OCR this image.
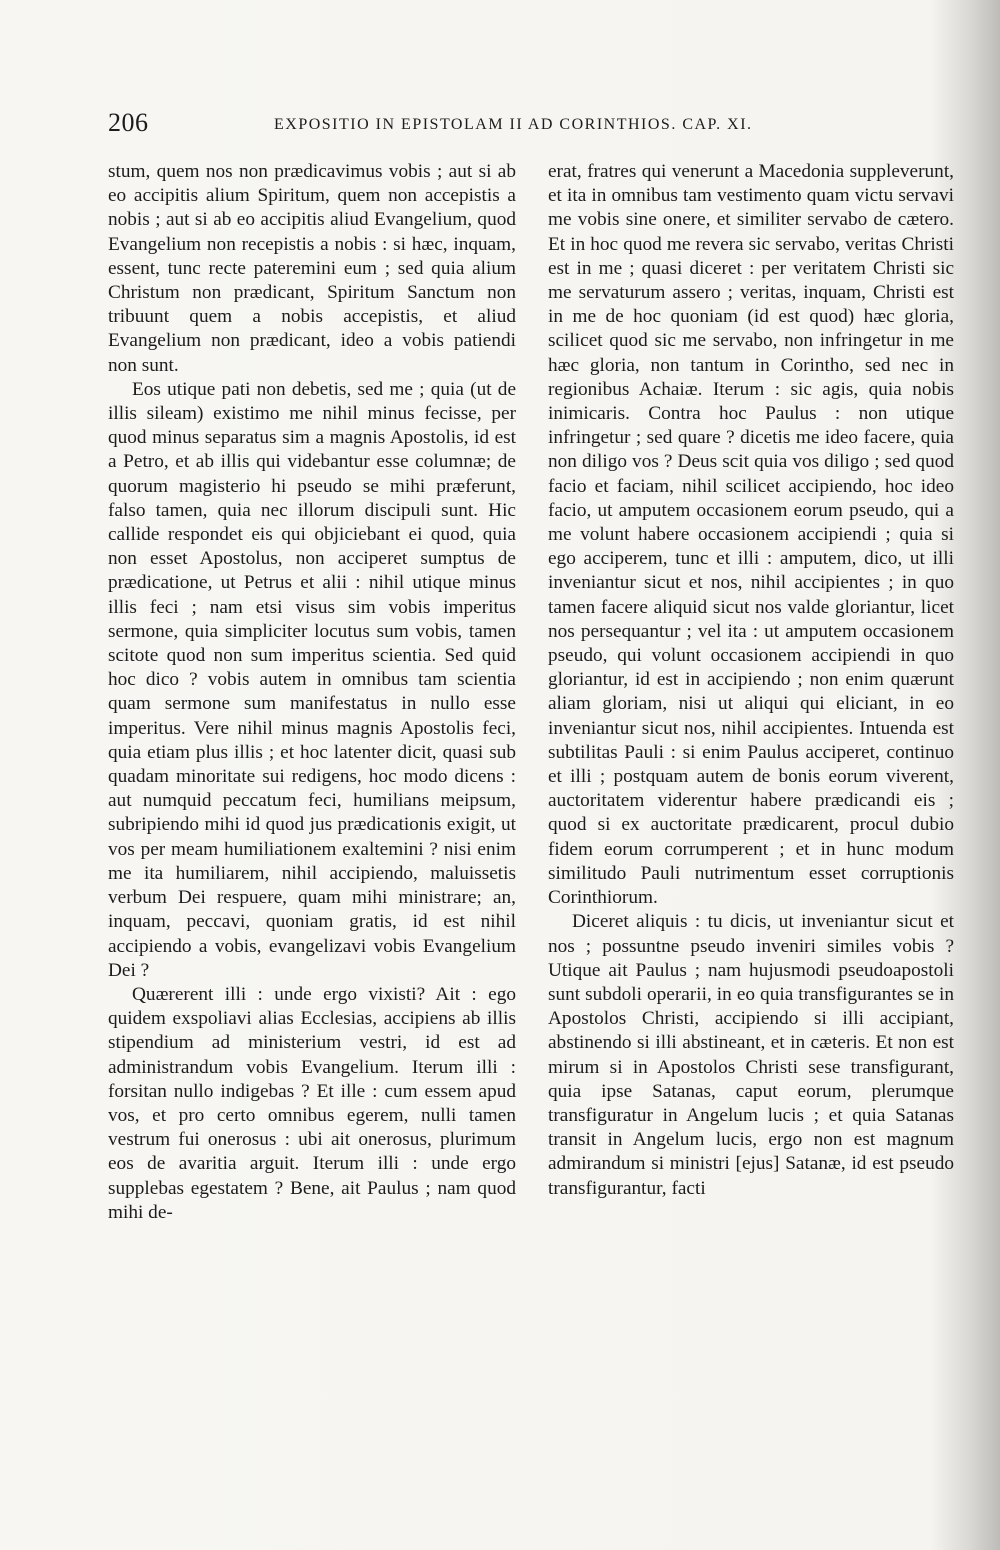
206	EXPOSITIO IN EPISTOLAM II AD CORINTHIOS. CAP. XI.

stum, quem nos non prædicavimus vobis ; aut si ab eo accipitis alium Spiritum, quem non accepistis a nobis ; aut si ab eo accipitis aliud Evangelium, quod Evangelium non recepistis a nobis : si hæc, inquam, essent, tunc recte pateremini eum ; sed quia alium Christum non prædicant, Spiritum Sanctum non tribuunt quem a nobis accepistis, et aliud Evangelium non prædicant, ideo a vobis patiendi non sunt.

Eos utique pati non debetis, sed me ; quia (ut de illis sileam) existimo me nihil minus fecisse, per quod minus separatus sim a magnis Apostolis, id est a Petro, et ab illis qui videbantur esse columnæ; de quorum magisterio hi pseudo se mihi præferunt, falso tamen, quia nec illorum discipuli sunt. Hic callide respondet eis qui objiciebant ei quod, quia non esset Apostolus, non acciperet sumptus de prædicatione, ut Petrus et alii : nihil utique minus illis feci ; nam etsi visus sim vobis imperitus sermone, quia simpliciter locutus sum vobis, tamen scitote quod non sum imperitus scientia. Sed quid hoc dico ? vobis autem in omnibus tam scientia quam sermone sum manifestatus in nullo esse imperitus. Vere nihil minus magnis Apostolis feci, quia etiam plus illis ; et hoc latenter dicit, quasi sub quadam minoritate sui redigens, hoc modo dicens : aut numquid peccatum feci, humilians meipsum, subripiendo mihi id quod jus prædicationis exigit, ut vos per meam humiliationem exaltemini ? nisi enim me ita humiliarem, nihil accipiendo, maluissetis verbum Dei respuere, quam mihi ministrare; an, inquam, peccavi, quoniam gratis, id est nihil accipiendo a vobis, evangelizavi vobis Evangelium Dei ?

Quærerent illi : unde ergo vixisti? Ait : ego quidem exspoliavi alias Ecclesias, accipiens ab illis stipendium ad ministerium vestri, id est ad administrandum vobis Evangelium. Iterum illi : forsitan nullo indigebas ? Et ille : cum essem apud vos, et pro certo omnibus egerem, nulli tamen vestrum fui onerosus : ubi ait onerosus, plurimum eos de avaritia arguit. Iterum illi : unde ergo supplebas egestatem ? Bene, ait Paulus ; nam quod mihi de-

erat, fratres qui venerunt a Macedonia suppleverunt, et ita in omnibus tam vestimento quam victu servavi me vobis sine onere, et similiter servabo de cætero. Et in hoc quod me revera sic servabo, veritas Christi est in me ; quasi diceret : per veritatem Christi sic me servaturum assero ; veritas, inquam, Christi est in me de hoc quoniam (id est quod) hæc gloria, scilicet quod sic me servabo, non infringetur in me hæc gloria, non tantum in Corintho, sed nec in regionibus Achaiæ. Iterum : sic agis, quia nobis inimicaris. Contra hoc Paulus : non utique infringetur ; sed quare ? dicetis me ideo facere, quia non diligo vos ? Deus scit quia vos diligo ; sed quod facio et faciam, nihil scilicet accipiendo, hoc ideo facio, ut amputem occasionem eorum pseudo, qui a me volunt habere occasionem accipiendi ; quia si ego acciperem, tunc et illi : amputem, dico, ut illi inveniantur sicut et nos, nihil accipientes ; in quo tamen facere aliquid sicut nos valde gloriantur, licet nos persequantur ; vel ita : ut amputem occasionem pseudo, qui volunt occasionem accipiendi in quo gloriantur, id est in accipiendo ; non enim quærunt aliam gloriam, nisi ut aliqui qui eliciant, in eo inveniantur sicut nos, nihil accipientes. Intuenda est subtilitas Pauli : si enim Paulus acciperet, continuo et illi ; postquam autem de bonis eorum viverent, auctoritatem viderentur habere prædicandi eis ; quod si ex auctoritate prædicarent, procul dubio fidem eorum corrumperent ; et in hunc modum similitudo Pauli nutrimentum esset corruptionis Corinthiorum.

Diceret aliquis : tu dicis, ut inveniantur sicut et nos ; possuntne pseudo inveniri similes vobis ? Utique ait Paulus ; nam hujusmodi pseudoapostoli sunt subdoli operarii, in eo quia transfigurantes se in Apostolos Christi, accipiendo si illi accipiant, abstinendo si illi abstineant, et in cæteris. Et non est mirum si in Apostolos Christi sese transfigurant, quia ipse Satanas, caput eorum, plerumque transfiguratur in Angelum lucis ; et quia Satanas transit in Angelum lucis, ergo non est magnum admirandum si ministri [ejus] Satanæ, id est pseudo transfigurantur, facti
